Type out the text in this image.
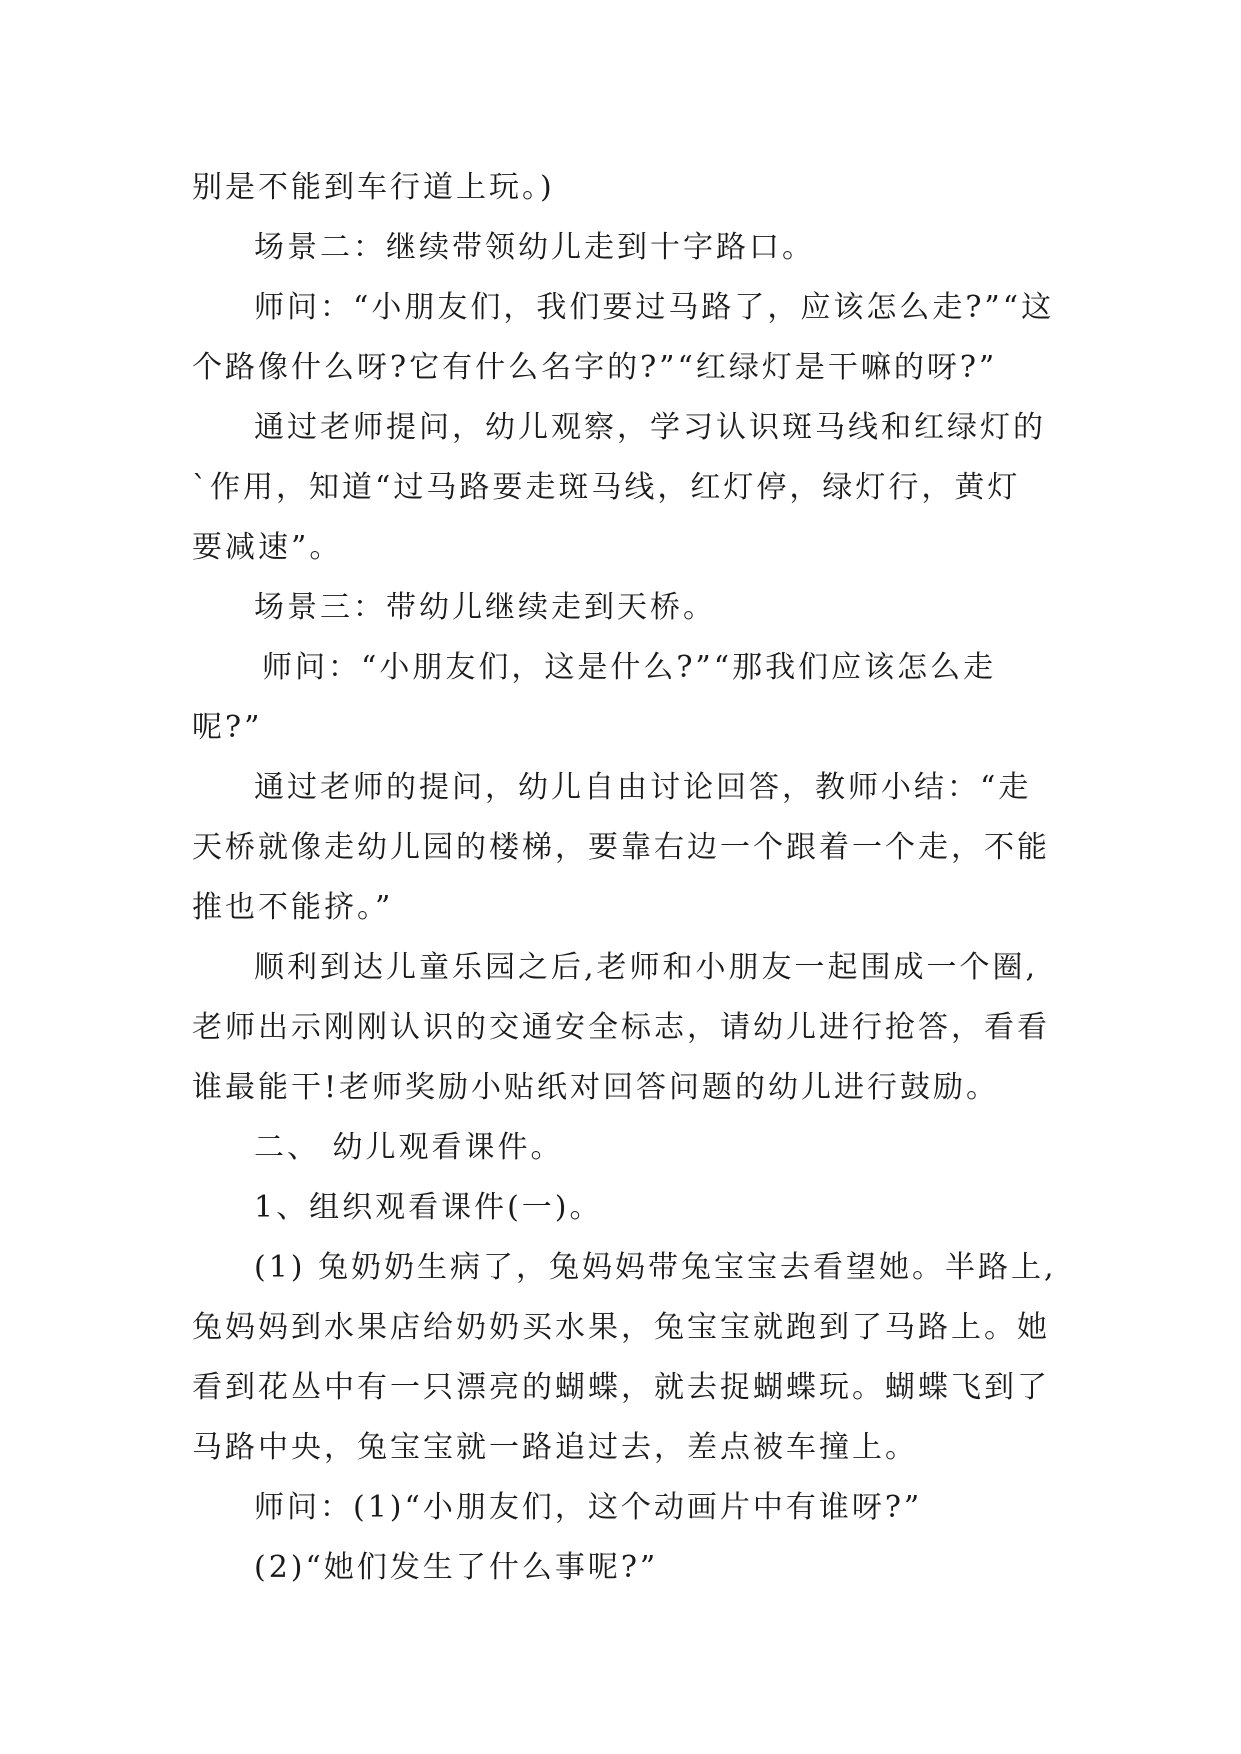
别是不能到车行道上玩。)
场景二：继续带领幼儿走到十字路口。
师问：“小朋友们，我们要过马路了，应该怎么走?”“这
个路像什么呀?它有什么名字的?”“红绿灯是干嘛的呀?”
通过老师提问，幼儿观察，学习认识斑马线和红绿灯的
`作用，知道“过马路要走斑马线，红灯停，绿灯行，黄灯
要减速”。
场景三：带幼儿继续走到天桥。
师问：“小朋友们，这是什么?”“那我们应该怎么走
呢?”
通过老师的提问，幼儿自由讨论回答，教师小结：“走
天桥就像走幼儿园的楼梯，要靠右边一个跟着一个走，不能
推也不能挤。”
顺利到达儿童乐园之后,老师和小朋友一起围成一个圈,
老师出示刚刚认识的交通安全标志，请幼儿进行抢答，看看
谁最能干!老师奖励小贴纸对回答问题的幼儿进行鼓励。
二、 幼儿观看课件。
1、组织观看课件(一)。
(1) 兔奶奶生病了，兔妈妈带兔宝宝去看望她。半路上,
兔妈妈到水果店给奶奶买水果，兔宝宝就跑到了马路上。她
看到花丛中有一只漂亮的蝴蝶，就去捉蝴蝶玩。蝴蝶飞到了
马路中央，兔宝宝就一路追过去，差点被车撞上。
师问：(1)“小朋友们，这个动画片中有谁呀?”
(2)“她们发生了什么事呢?”
